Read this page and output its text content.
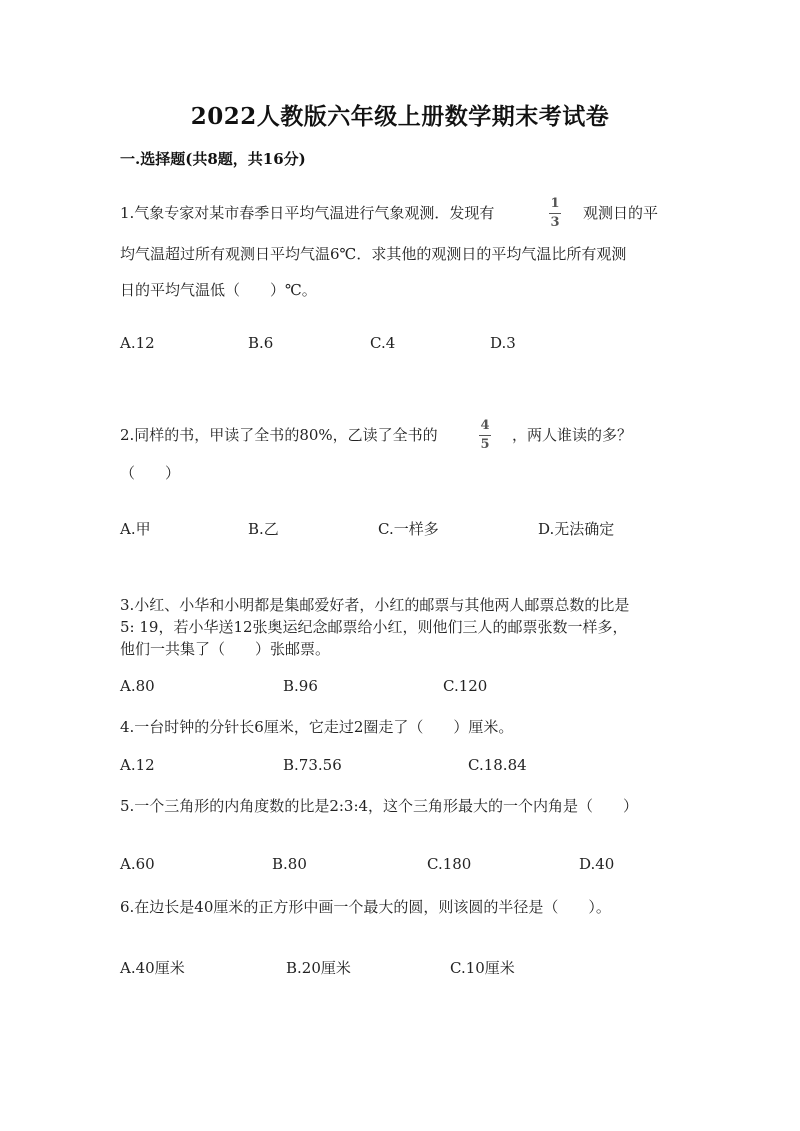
2022人教版六年级上册数学期末考试卷
一.选择题(共8题，共16分)
1.气象专家对某市春季日平均气温进行气象观测．发现有
1
3
观测日的平
均气温超过所有观测日平均气温6℃．求其他的观测日的平均气温比所有观测
日的平均气温低（　　）℃。
A.12	B.6	C.4	D.3
2.同样的书，甲读了全书的80%，乙读了全书的
4
5
，两人谁读的多？
（　　）
A.甲	B.乙	C.一样多	D.无法确定
3.小红、小华和小明都是集邮爱好者，小红的邮票与其他两人邮票总数的比是
5: 19，若小华送12张奥运纪念邮票给小红，则他们三人的邮票张数一样多，
他们一共集了（　　）张邮票。
A.80	B.96	C.120
4.一台时钟的分针长6厘米，它走过2圈走了（　　）厘米。
A.12	B.73.56	C.18.84
5.一个三角形的内角度数的比是2:3:4，这个三角形最大的一个内角是（　　）
A.60	B.80	C.180	D.40
6.在边长是40厘米的正方形中画一个最大的圆，则该圆的半径是（　　）。
A.40厘米	B.20厘米	C.10厘米
